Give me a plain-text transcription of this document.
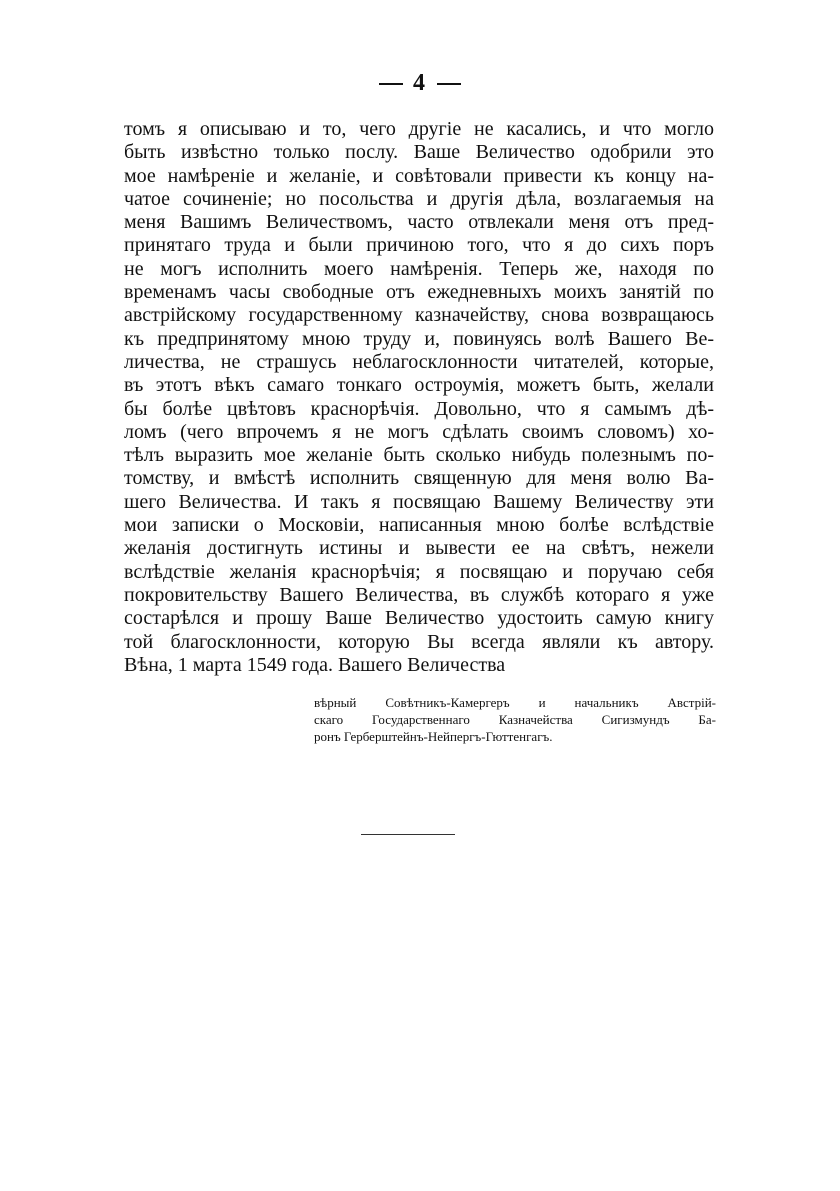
4
томъ я описываю и то, чего другіе не касались, и что могло
быть извѣстно только послу. Ваше Величество одобрили это
мое намѣреніе и желаніе, и совѣтовали привести къ концу на-
чатое сочиненіе; но посольства и другія дѣла, возлагаемыя на
меня Вашимъ Величествомъ, часто отвлекали меня отъ пред-
принятаго труда и были причиною того, что я до сихъ поръ
не могъ исполнить моего намѣренія. Теперь же, находя по
временамъ часы свободные отъ ежедневныхъ моихъ занятій по
австрійскому государственному казначейству, снова возвращаюсь
къ предпринятому мною труду и, повинуясь волѣ Вашего Ве-
личества, не страшусь неблагосклонности читателей, которые,
въ этотъ вѣкъ самаго тонкаго остроумія, можетъ быть, желали
бы болѣе цвѣтовъ краснорѣчія. Довольно, что я самымъ дѣ-
ломъ (чего впрочемъ я не могъ сдѣлать своимъ словомъ) хо-
тѣлъ выразить мое желаніе быть сколько нибудь полезнымъ по-
томству, и вмѣстѣ исполнить священную для меня волю Ва-
шего Величества. И такъ я посвящаю Вашему Величеству эти
мои записки о Московіи, написанныя мною болѣе вслѣдствіе
желанія достигнуть истины и вывести ее на свѣтъ, нежели
вслѣдствіе желанія краснорѣчія; я посвящаю и поручаю себя
покровительству Вашего Величества, въ службѣ котораго я уже
состарѣлся и прошу Ваше Величество удостоить самую книгу
той благосклонности, которую Вы всегда являли къ автору.
Вѣна, 1 марта 1549 года. Вашего Величества
вѣрный Совѣтникъ-Камергеръ и начальникъ Австрій-
скаго Государственнаго Казначейства Сигизмундъ Ба-
ронъ Герберштейнъ-Нейпергъ-Гюттенгагъ.
